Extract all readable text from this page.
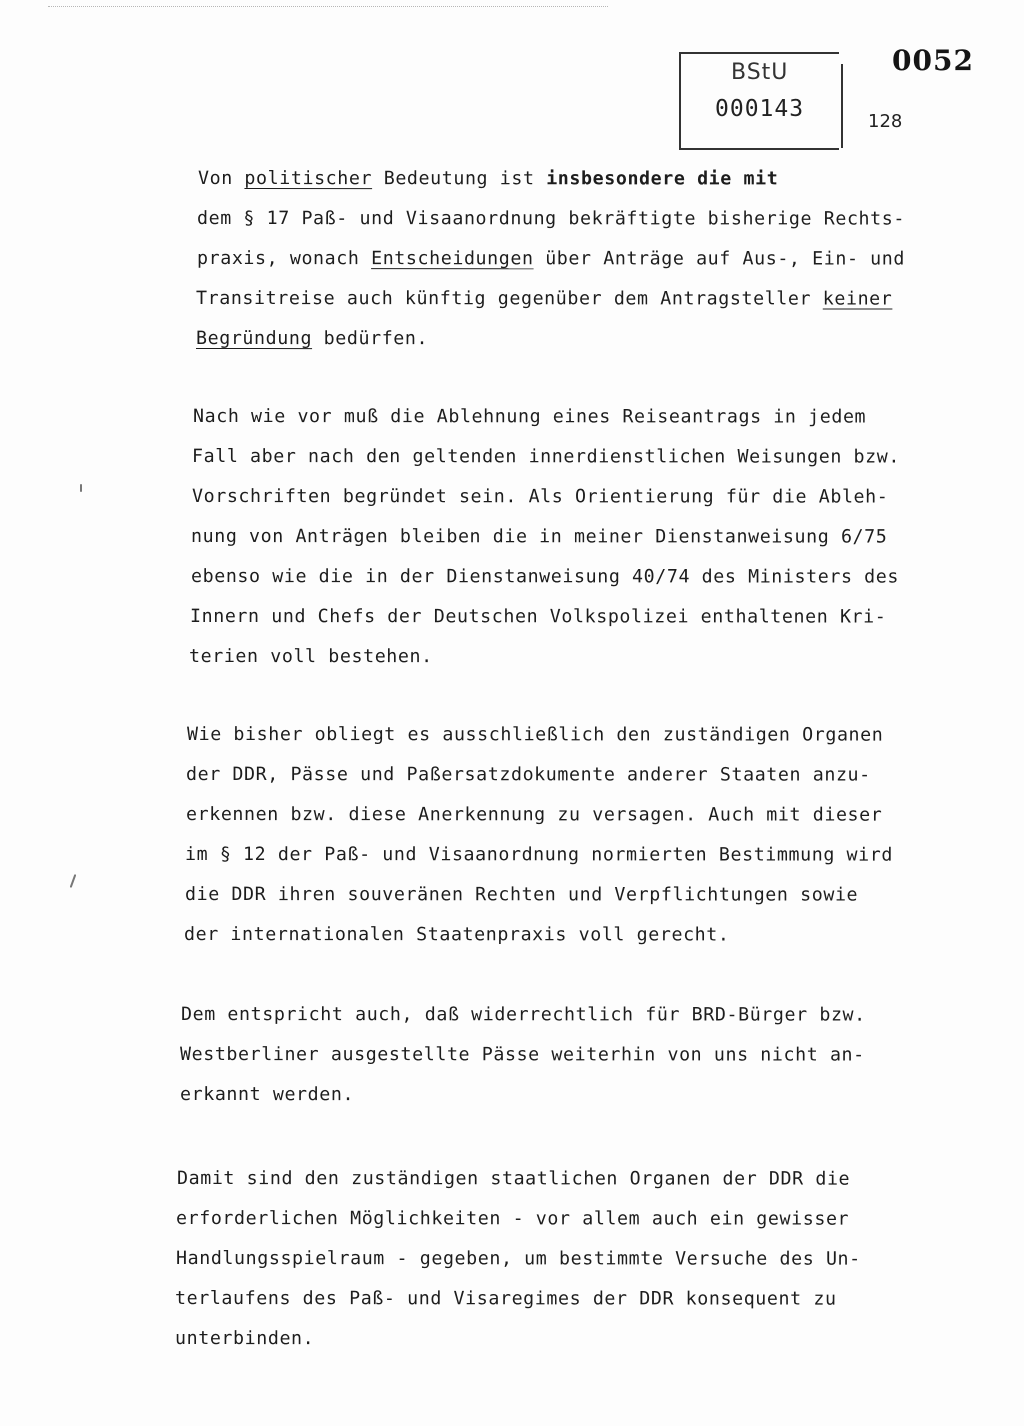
BStU
000143
0052
128
Von politischer Bedeutung ist insbesondere die mit
dem § 17 Paß- und Visaanordnung bekräftigte bisherige Rechts-
praxis, wonach Entscheidungen über Anträge auf Aus-, Ein- und
Transitreise auch künftig gegenüber dem Antragsteller keiner
Begründung bedürfen.
Nach wie vor muß die Ablehnung eines Reiseantrags in jedem
Fall aber nach den geltenden innerdienstlichen Weisungen bzw.
Vorschriften begründet sein. Als Orientierung für die Ableh-
nung von Anträgen bleiben die in meiner Dienstanweisung 6/75
ebenso wie die in der Dienstanweisung 40/74 des Ministers des
Innern und Chefs der Deutschen Volkspolizei enthaltenen Kri-
terien voll bestehen.
Wie bisher obliegt es ausschließlich den zuständigen Organen
der DDR, Pässe und Paßersatzdokumente anderer Staaten anzu-
erkennen bzw. diese Anerkennung zu versagen. Auch mit dieser
im § 12 der Paß- und Visaanordnung normierten Bestimmung wird
die DDR ihren souveränen Rechten und Verpflichtungen sowie
der internationalen Staatenpraxis voll gerecht.
Dem entspricht auch, daß widerrechtlich für BRD-Bürger bzw.
Westberliner ausgestellte Pässe weiterhin von uns nicht an-
erkannt werden.
Damit sind den zuständigen staatlichen Organen der DDR die
erforderlichen Möglichkeiten - vor allem auch ein gewisser
Handlungsspielraum - gegeben, um bestimmte Versuche des Un-
terlaufens des Paß- und Visaregimes der DDR konsequent zu
unterbinden.
